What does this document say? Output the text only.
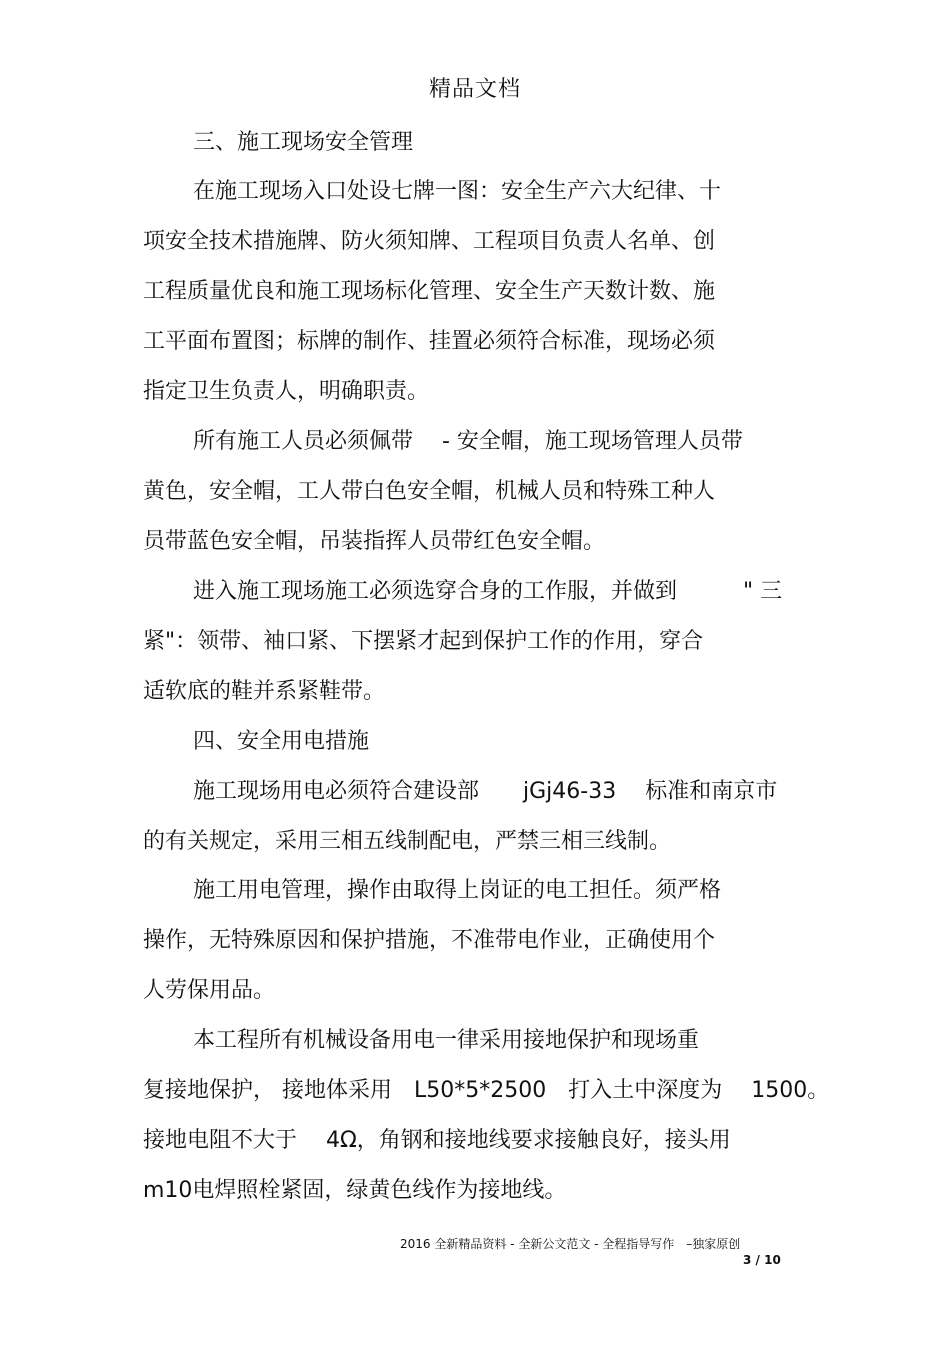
精品文档
三、施工现场安全管理
在施工现场入口处设七牌一图：安全生产六大纪律、十
项安全技术措施牌、防火须知牌、工程项目负责人名单、创
工程质量优良和施工现场标化管理、安全生产天数计数、施
工平面布置图；标牌的制作、挂置必须符合标准，现场必须
指定卫生负责人，明确职责。
所有施工人员必须佩带　 - 安全帽，施工现场管理人员带
黄色，安全帽，工人带白色安全帽，机械人员和特殊工种人
员带蓝色安全帽，吊装指挥人员带红色安全帽。
进入施工现场施工必须选穿合身的工作服，并做到　　　" 三
紧"：领带、袖口紧、下摆紧才起到保护工作的作用，穿合
适软底的鞋并系紧鞋带。
四、安全用电措施
施工现场用电必须符合建设部　　jGj46-33　 标准和南京市
的有关规定，采用三相五线制配电，严禁三相三线制。
施工用电管理，操作由取得上岗证的电工担任。须严格
操作，无特殊原因和保护措施，不准带电作业，正确使用个
人劳保用品。
本工程所有机械设备用电一律采用接地保护和现场重
复接地保护， 接地体采用　L50*5*2500　打入土中深度为　 1500。
接地电阻不大于　 4Ω，角钢和接地线要求接触良好，接头用
m10电焊照栓紧固，绿黄色线作为接地线。
2016 全新精品资料 - 全新公文范文 - 全程指导写作　–独家原创
3 / 10
